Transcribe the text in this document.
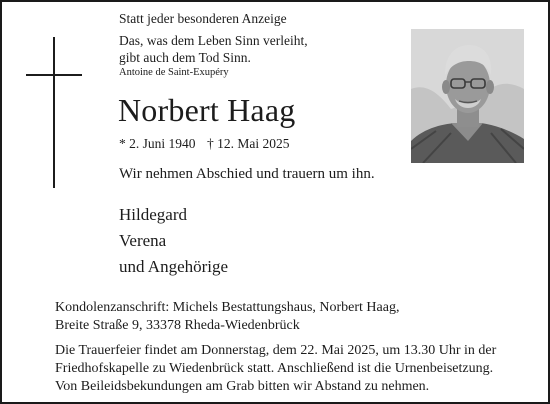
Statt jeder besonderen Anzeige
Das, was dem Leben Sinn verleiht,
gibt auch dem Tod Sinn.
Antoine de Saint-Exupéry
Norbert Haag
* 2. Juni 1940 † 12. Mai 2025
Wir nehmen Abschied und trauern um ihn.
Hildegard
Verena
und Angehörige
Kondolenzanschrift: Michels Bestattungshaus, Norbert Haag,
Breite Straße 9, 33378 Rheda-Wiedenbrück
Die Trauerfeier findet am Donnerstag, dem 22. Mai 2025, um 13.30 Uhr in der
Friedhofskapelle zu Wiedenbrück statt. Anschließend ist die Urnenbeisetzung.
Von Beileidsbekundungen am Grab bitten wir Abstand zu nehmen.
